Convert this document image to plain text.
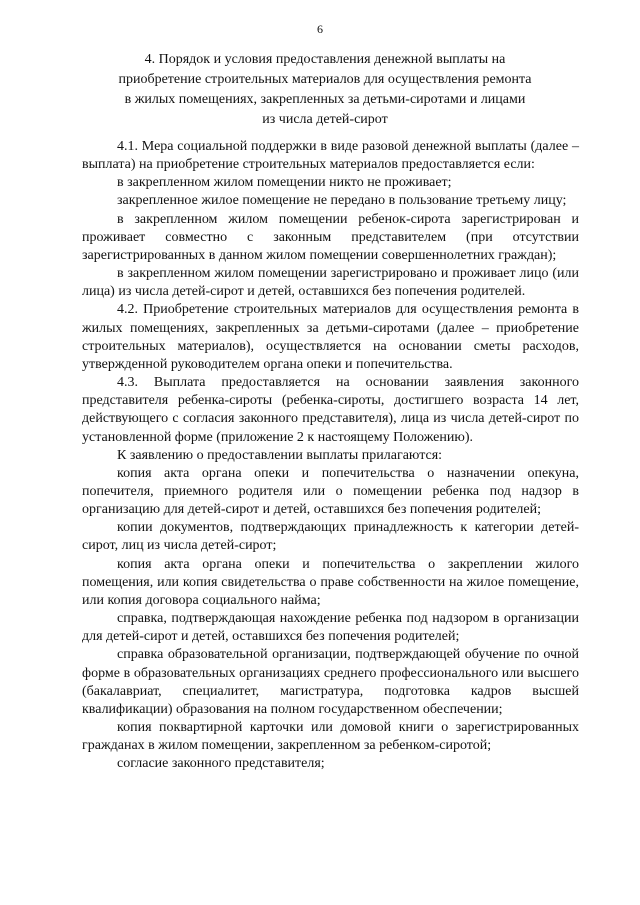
6
4. Порядок и условия предоставления денежной выплаты на
приобретение строительных материалов для осуществления ремонта
в жилых помещениях, закрепленных за детьми-сиротами и лицами
из числа детей-сирот

4.1. Мера социальной поддержки в виде разовой денежной выплаты (далее – выплата) на приобретение строительных материалов предоставляется если:

в закрепленном жилом помещении никто не проживает;

закрепленное жилое помещение не передано в пользование третьему лицу;

в закрепленном жилом помещении ребенок-сирота зарегистрирован и проживает совместно с законным представителем (при отсутствии зарегистрированных в данном жилом помещении совершеннолетних граждан);

в закрепленном жилом помещении зарегистрировано и проживает лицо (или лица) из числа детей-сирот и детей, оставшихся без попечения родителей.

4.2. Приобретение строительных материалов для осуществления ремонта в жилых помещениях, закрепленных за детьми-сиротами (далее – приобретение строительных материалов), осуществляется на основании сметы расходов, утвержденной руководителем органа опеки и попечительства.

4.3. Выплата предоставляется на основании заявления законного представителя ребенка-сироты (ребенка-сироты, достигшего возраста 14 лет, действующего с согласия законного представителя), лица из числа детей-сирот по установленной форме (приложение 2 к настоящему Положению).

К заявлению о предоставлении выплаты прилагаются:

копия акта органа опеки и попечительства о назначении опекуна, попечителя, приемного родителя или о помещении ребенка под надзор в организацию для детей-сирот и детей, оставшихся без попечения родителей;

копии документов, подтверждающих принадлежность к категории детей-сирот, лиц из числа детей-сирот;

копия акта органа опеки и попечительства о закреплении жилого помещения, или копия свидетельства о праве собственности на жилое помещение, или копия договора социального найма;

справка, подтверждающая нахождение ребенка под надзором в организации для детей-сирот и детей, оставшихся без попечения родителей;

справка образовательной организации, подтверждающей обучение по очной форме в образовательных организациях среднего профессионального или высшего (бакалавриат, специалитет, магистратура, подготовка кадров высшей квалификации) образования на полном государственном обеспечении;

копия поквартирной карточки или домовой книги о зарегистрированных гражданах в жилом помещении, закрепленном за ребенком-сиротой;

согласие законного представителя;
